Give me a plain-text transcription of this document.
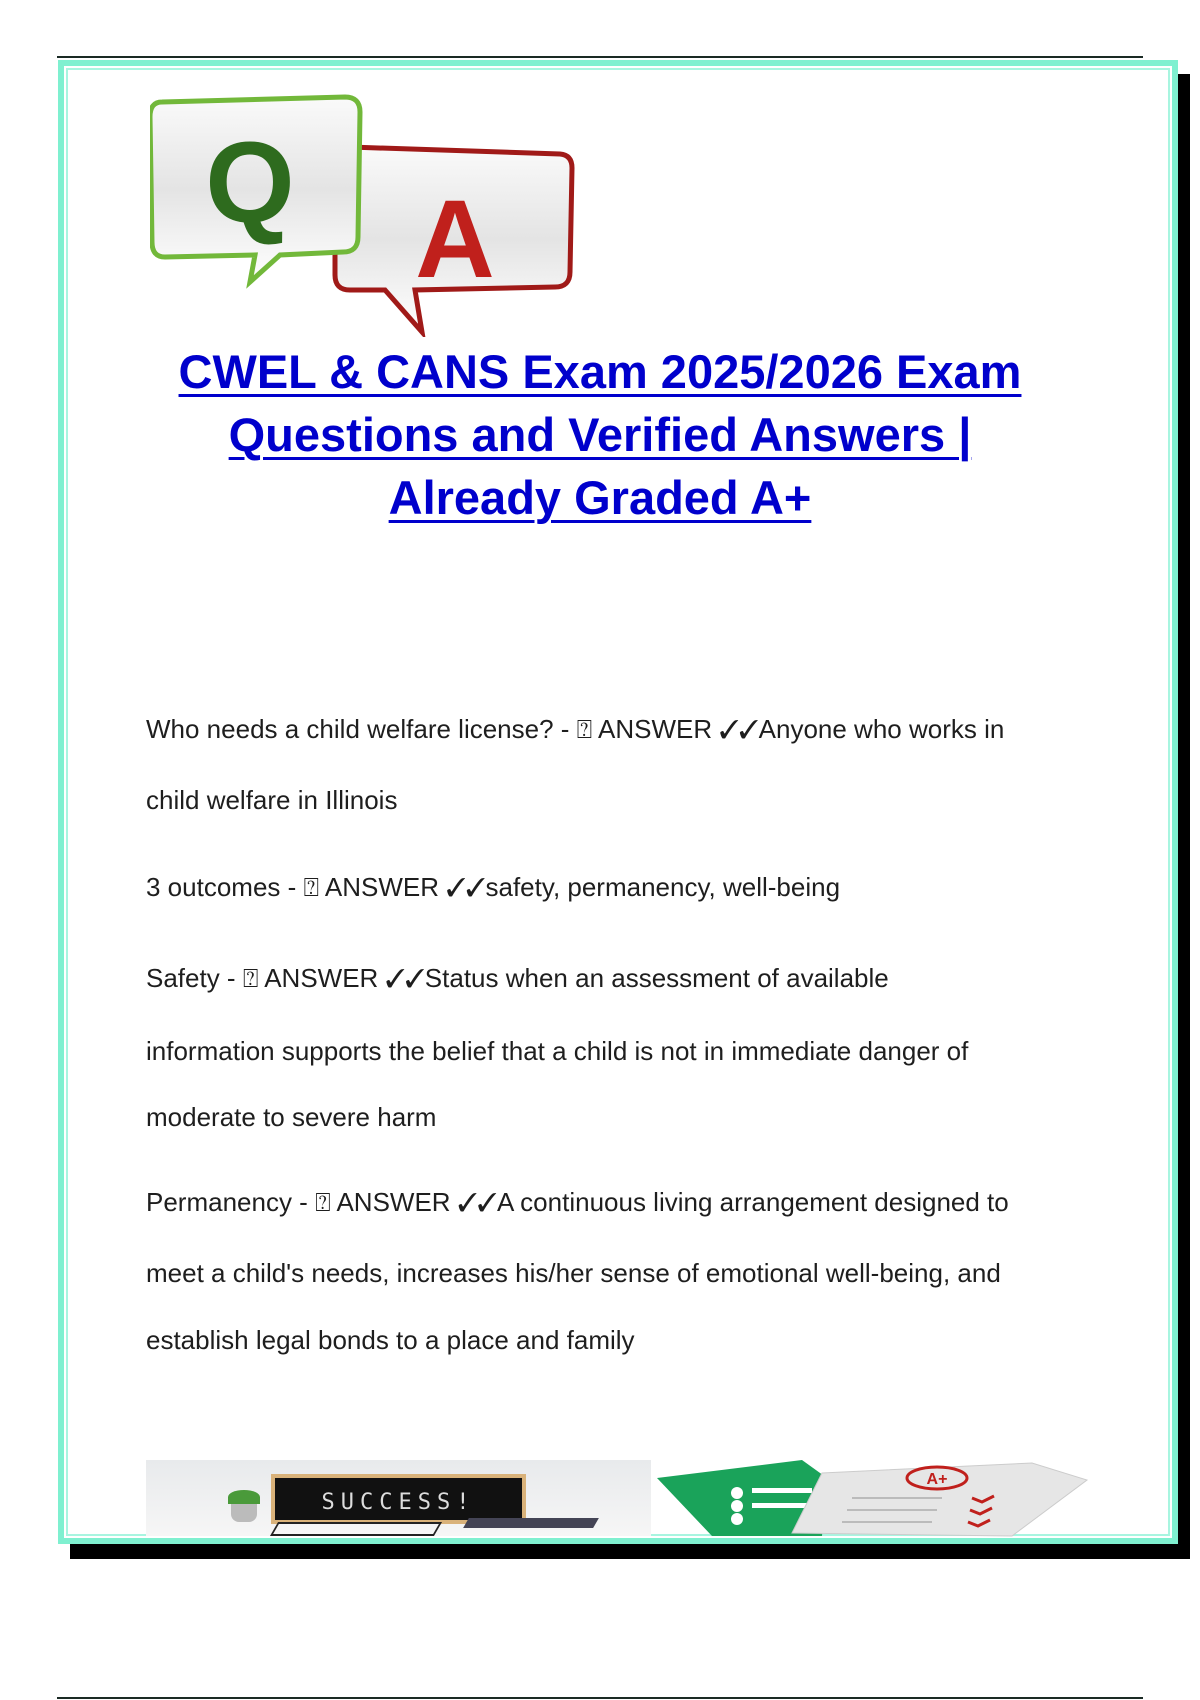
Q A
CWEL & CANS Exam 2025/2026 Exam
Questions and Verified Answers |
Already Graded A+
Who needs a child welfare license? - ⍰ ANSWER ✓✓Anyone who works in
child welfare in Illinois
3 outcomes - ⍰ ANSWER ✓✓safety, permanency, well-being
Safety - ⍰ ANSWER ✓✓Status when an assessment of available
information supports the belief that a child is not in immediate danger of
moderate to severe harm
Permanency - ⍰ ANSWER ✓✓A continuous living arrangement designed to
meet a child's needs, increases his/her sense of emotional well-being, and
establish legal bonds to a place and family
SUCCESS!
A+
